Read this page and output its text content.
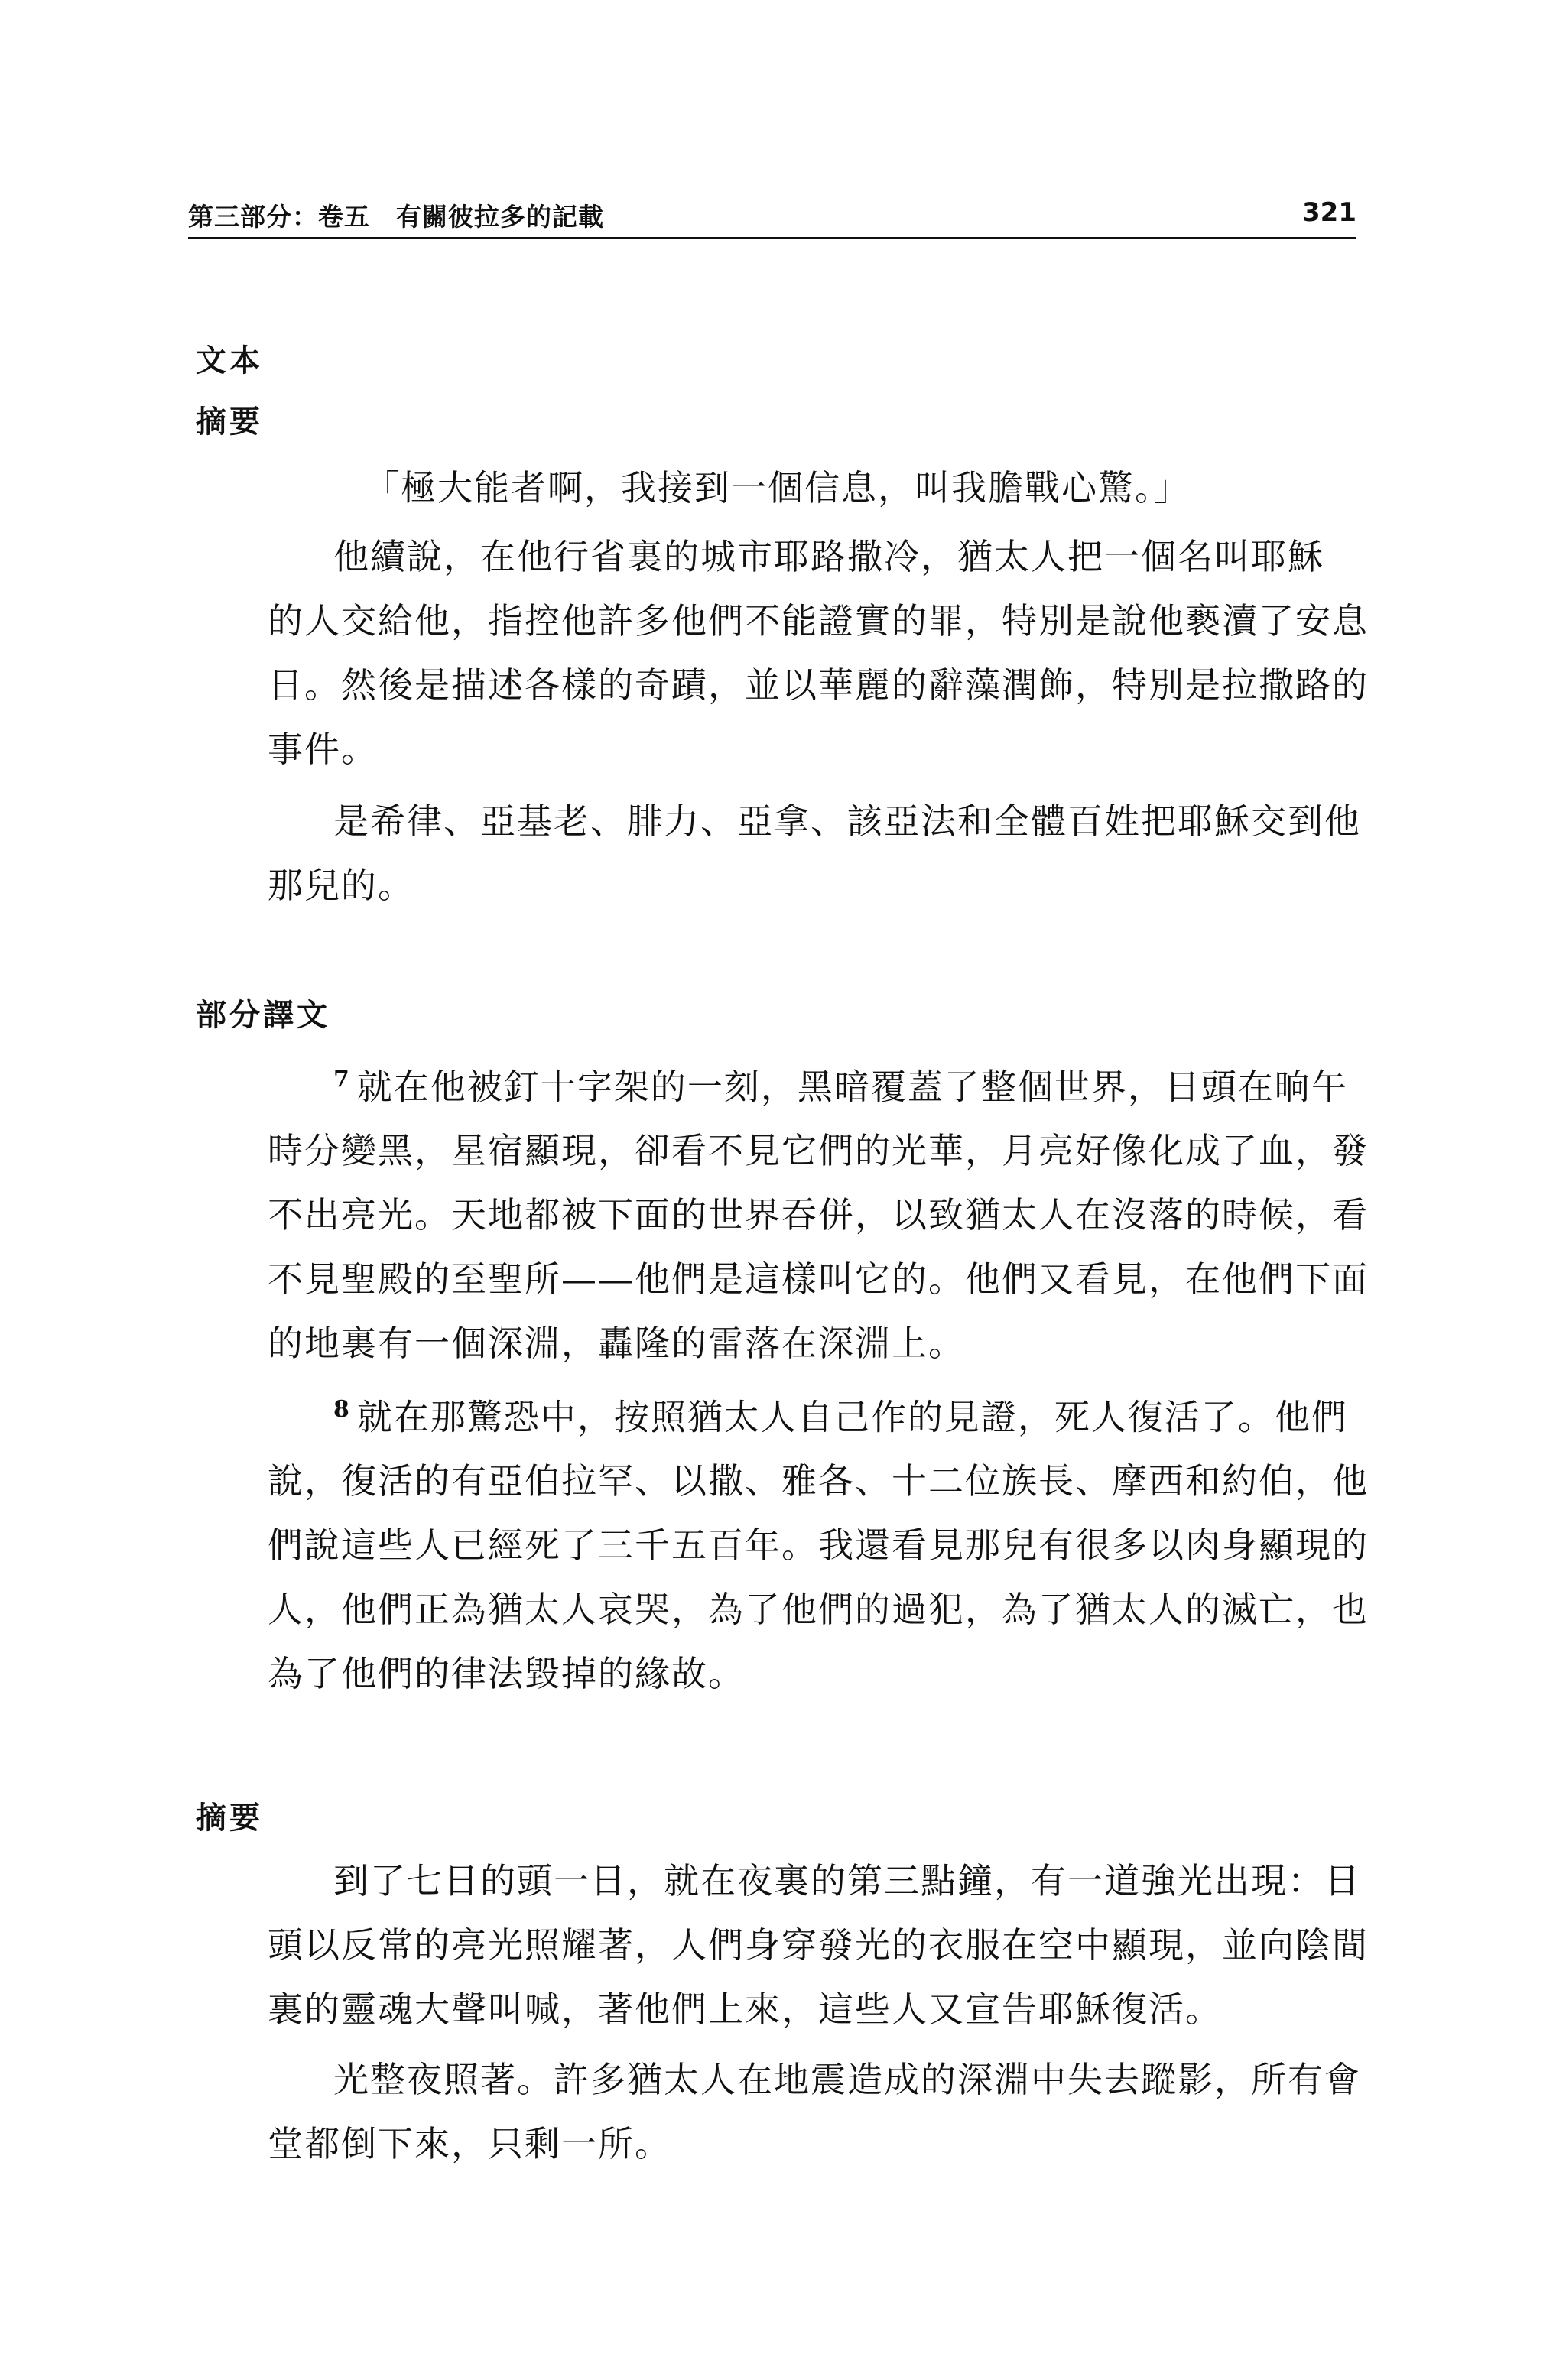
第三部分：卷五　有關彼拉多的記載	321
文本
摘要

「極大能者啊，我接到一個信息，叫我膽戰心驚。」

他續說，在他行省裏的城市耶路撒冷，猶太人把一個名叫耶穌
的人交給他，指控他許多他們不能證實的罪，特別是說他褻瀆了安息
日。然後是描述各樣的奇蹟，並以華麗的辭藻潤飾，特別是拉撒路的
事件。

是希律、亞基老、腓力、亞拿、該亞法和全體百姓把耶穌交到他
那兒的。

部分譯文

$^7$ 就在他被釘十字架的一刻，黑暗覆蓋了整個世界，日頭在晌午
時分變黑，星宿顯現，卻看不見它們的光華，月亮好像化成了血，發
不出亮光。天地都被下面的世界吞併，以致猶太人在沒落的時候，看
不見聖殿的至聖所——他們是這樣叫它的。他們又看見，在他們下面
的地裏有一個深淵，轟隆的雷落在深淵上。

$^8$ 就在那驚恐中，按照猶太人自己作的見證，死人復活了。他們
說，復活的有亞伯拉罕、以撒、雅各、十二位族長、摩西和約伯，他
們說這些人已經死了三千五百年。我還看見那兒有很多以肉身顯現的
人，他們正為猶太人哀哭，為了他們的過犯，為了猶太人的滅亡，也
為了他們的律法毀掉的緣故。

摘要

到了七日的頭一日，就在夜裏的第三點鐘，有一道強光出現：日
頭以反常的亮光照耀著，人們身穿發光的衣服在空中顯現，並向陰間
裏的靈魂大聲叫喊，著他們上來，這些人又宣告耶穌復活。

光整夜照著。許多猶太人在地震造成的深淵中失去蹤影，所有會
堂都倒下來，只剩一所。
